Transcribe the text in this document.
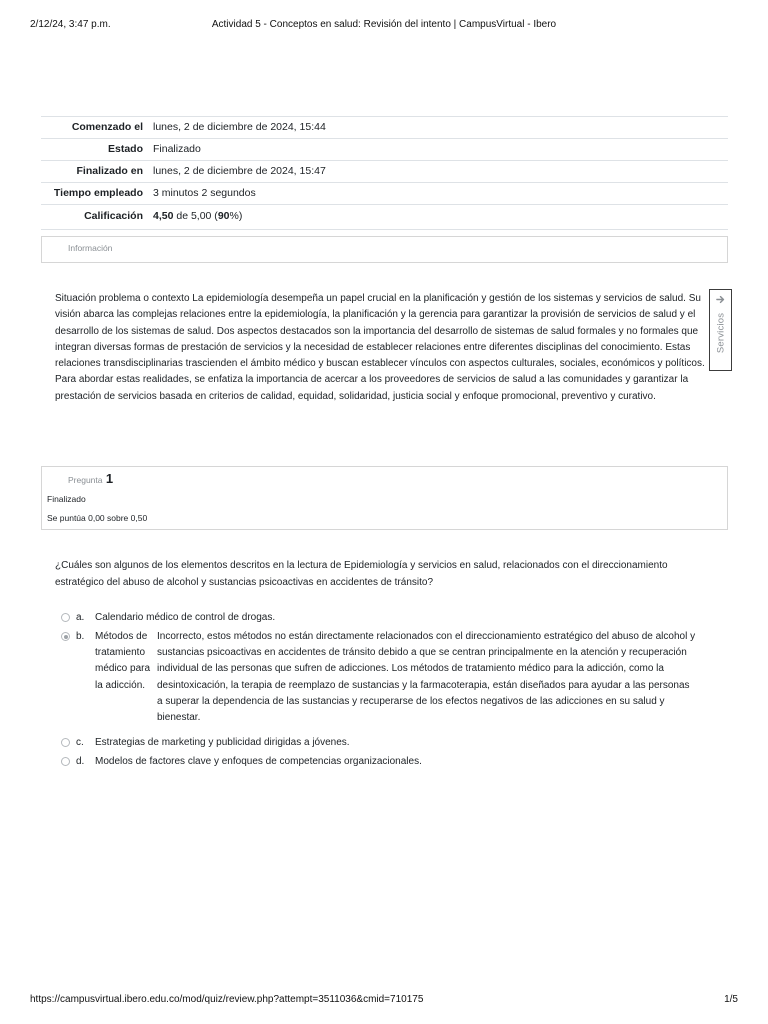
2/12/24, 3:47 p.m.	Actividad 5 - Conceptos en salud: Revisión del intento | CampusVirtual - Ibero
Comenzado el	lunes, 2 de diciembre de 2024, 15:44
Estado	Finalizado
Finalizado en	lunes, 2 de diciembre de 2024, 15:47
Tiempo empleado	3 minutos 2 segundos
Calificación	4,50 de 5,00 (90%)
Información
Situación problema o contexto La epidemiología desempeña un papel crucial en la planificación y gestión de los sistemas y servicios de salud. Su visión abarca las complejas relaciones entre la epidemiología, la planificación y la gerencia para garantizar la provisión de servicios de salud y el desarrollo de los sistemas de salud. Dos aspectos destacados son la importancia del desarrollo de sistemas de salud formales y no formales que integran diversas formas de prestación de servicios y la necesidad de establecer relaciones entre diferentes disciplinas del conocimiento. Estas relaciones transdisciplinarias trascienden el ámbito médico y buscan establecer vínculos con aspectos culturales, sociales, económicos y políticos. Para abordar estas realidades, se enfatiza la importancia de acercar a los proveedores de servicios de salud a las comunidades y garantizar la prestación de servicios basada en criterios de calidad, equidad, solidaridad, justicia social y enfoque promocional, preventivo y curativo.
Servicios
Pregunta 1
Finalizado
Se puntúa 0,00 sobre 0,50
¿Cuáles son algunos de los elementos descritos en la lectura de Epidemiología y servicios en salud, relacionados con el direccionamiento estratégico del abuso de alcohol y sustancias psicoactivas en accidentes de tránsito?
a. Calendario médico de control de drogas.
b. Métodos de tratamiento médico para la adicción.
Incorrecto, estos métodos no están directamente relacionados con el direccionamiento estratégico del abuso de alcohol y sustancias psicoactivas en accidentes de tránsito debido a que se centran principalmente en la atención y recuperación individual de las personas que sufren de adicciones. Los métodos de tratamiento médico para la adicción, como la desintoxicación, la terapia de reemplazo de sustancias y la farmacoterapia, están diseñados para ayudar a las personas a superar la dependencia de las sustancias y recuperarse de los efectos negativos de las adicciones en su salud y bienestar.
c. Estrategias de marketing y publicidad dirigidas a jóvenes.
d. Modelos de factores clave y enfoques de competencias organizacionales.
https://campusvirtual.ibero.edu.co/mod/quiz/review.php?attempt=3511036&cmid=710175	1/5
